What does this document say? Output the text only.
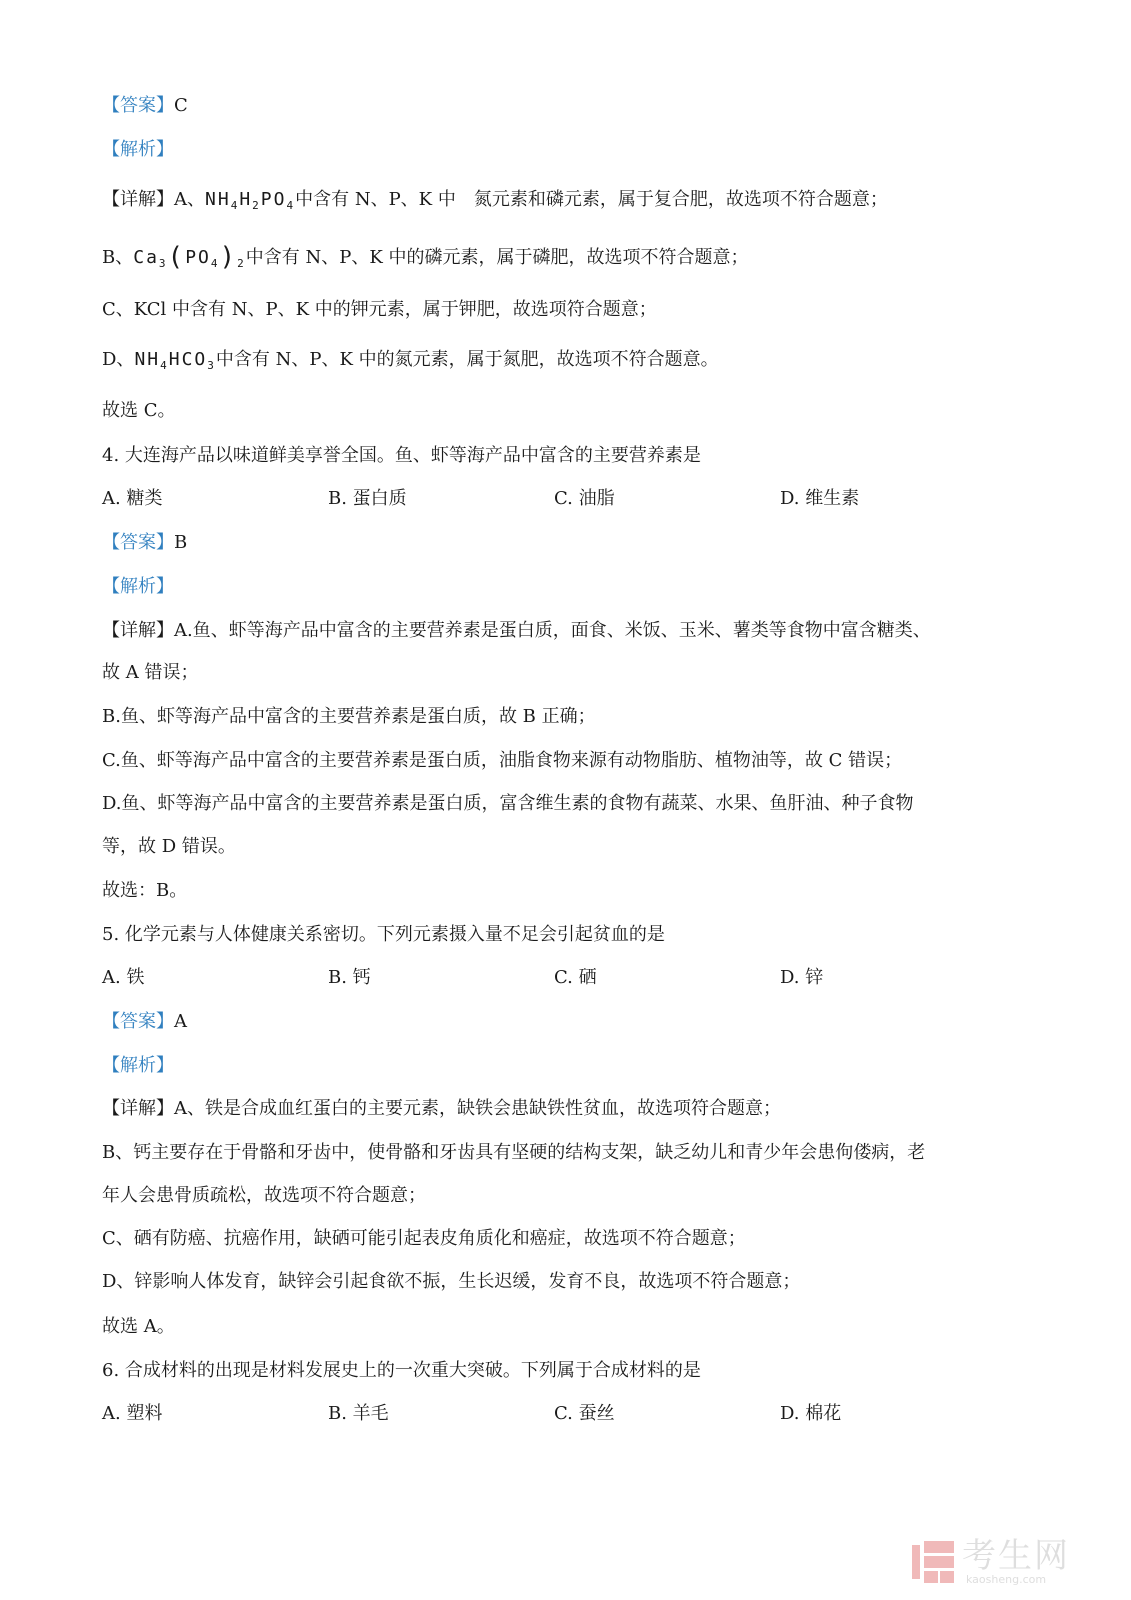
【答案】C
【解析】
【详解】A、$NH_4H_2PO_4$中含有 N、P、K 中　氮元素和磷元素，属于复合肥，故选项不符合题意；
B、$Ca_3(PO_4)_2$中含有 N、P、K 中的磷元素，属于磷肥，故选项不符合题意；
C、KCl 中含有 N、P、K 中的钾元素，属于钾肥，故选项符合题意；
D、$NH_4HCO_3$中含有 N、P、K 中的氮元素，属于氮肥，故选项不符合题意。
故选 C。
4. 大连海产品以味道鲜美享誉全国。鱼、虾等海产品中富含的主要营养素是
A. 糖类	B. 蛋白质	C. 油脂	D. 维生素
【答案】B
【解析】
【详解】A.鱼、虾等海产品中富含的主要营养素是蛋白质，面食、米饭、玉米、薯类等食物中富含糖类、
故 A 错误；
B.鱼、虾等海产品中富含的主要营养素是蛋白质，故 B 正确；
C.鱼、虾等海产品中富含的主要营养素是蛋白质，油脂食物来源有动物脂肪、植物油等，故 C 错误；
D.鱼、虾等海产品中富含的主要营养素是蛋白质，富含维生素的食物有蔬菜、水果、鱼肝油、种子食物
等，故 D 错误。
故选：B。
5. 化学元素与人体健康关系密切。下列元素摄入量不足会引起贫血的是
A. 铁	B. 钙	C. 硒	D. 锌
【答案】A
【解析】
【详解】A、铁是合成血红蛋白的主要元素，缺铁会患缺铁性贫血，故选项符合题意；
B、钙主要存在于骨骼和牙齿中，使骨骼和牙齿具有坚硬的结构支架，缺乏幼儿和青少年会患佝偻病，老
年人会患骨质疏松，故选项不符合题意；
C、硒有防癌、抗癌作用，缺硒可能引起表皮角质化和癌症，故选项不符合题意；
D、锌影响人体发育，缺锌会引起食欲不振，生长迟缓，发育不良，故选项不符合题意；
故选 A。
6. 合成材料的出现是材料发展史上的一次重大突破。下列属于合成材料的是
A. 塑料	B. 羊毛	C. 蚕丝	D. 棉花
考生网
kaosheng.com
